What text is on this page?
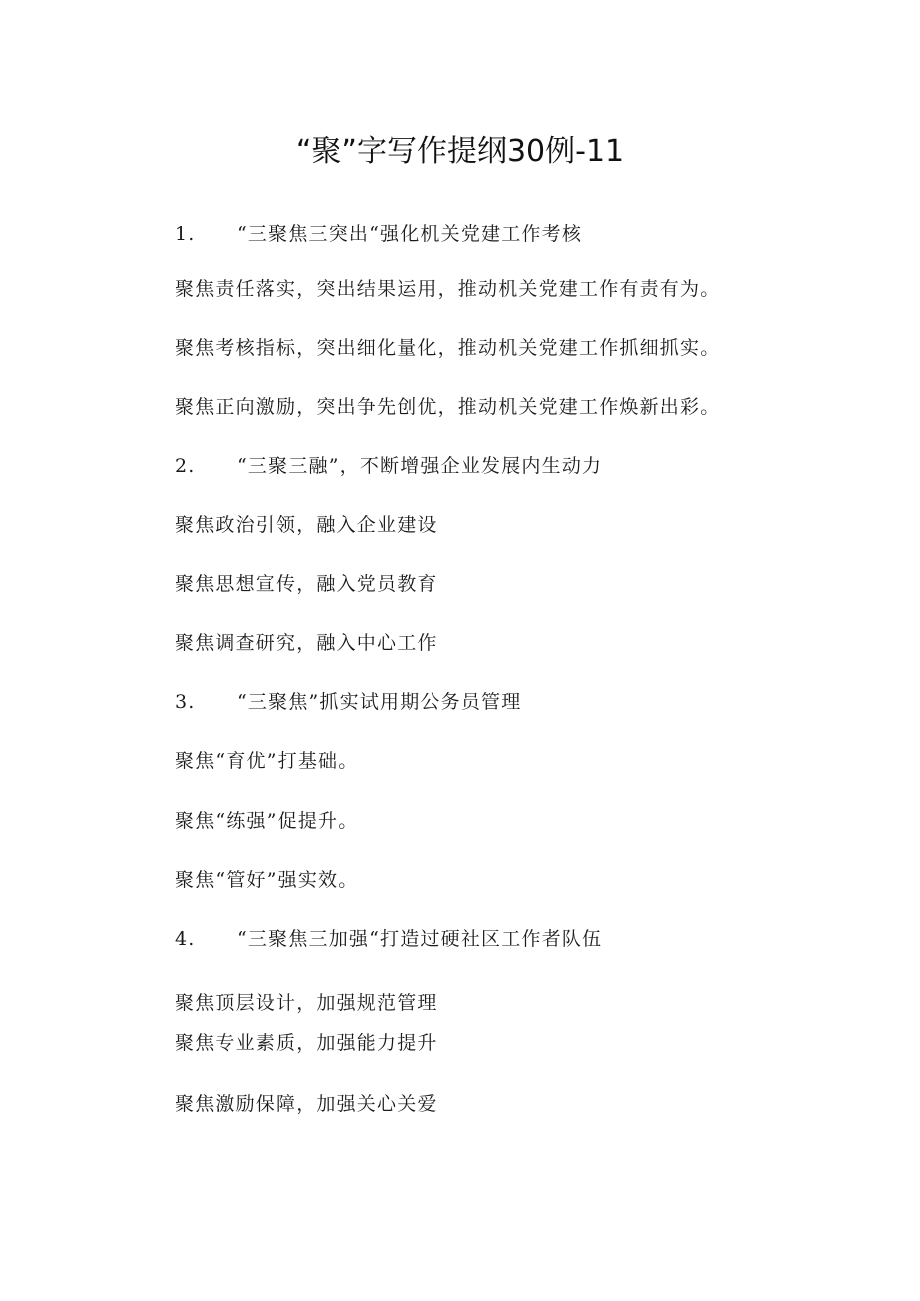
“聚”字写作提纲30例-11
1. “三聚焦三突出“强化机关党建工作考核
聚焦责任落实，突出结果运用，推动机关党建工作有责有为。
聚焦考核指标，突出细化量化，推动机关党建工作抓细抓实。
聚焦正向激励，突出争先创优，推动机关党建工作焕新出彩。
2. “三聚三融”，不断增强企业发展内生动力
聚焦政治引领，融入企业建设
聚焦思想宣传，融入党员教育
聚焦调查研究，融入中心工作
3. “三聚焦”抓实试用期公务员管理
聚焦“育优”打基础。
聚焦“练强”促提升。
聚焦“管好”强实效。
4. “三聚焦三加强“打造过硬社区工作者队伍
聚焦顶层设计，加强规范管理
聚焦专业素质，加强能力提升
聚焦激励保障，加强关心关爱
